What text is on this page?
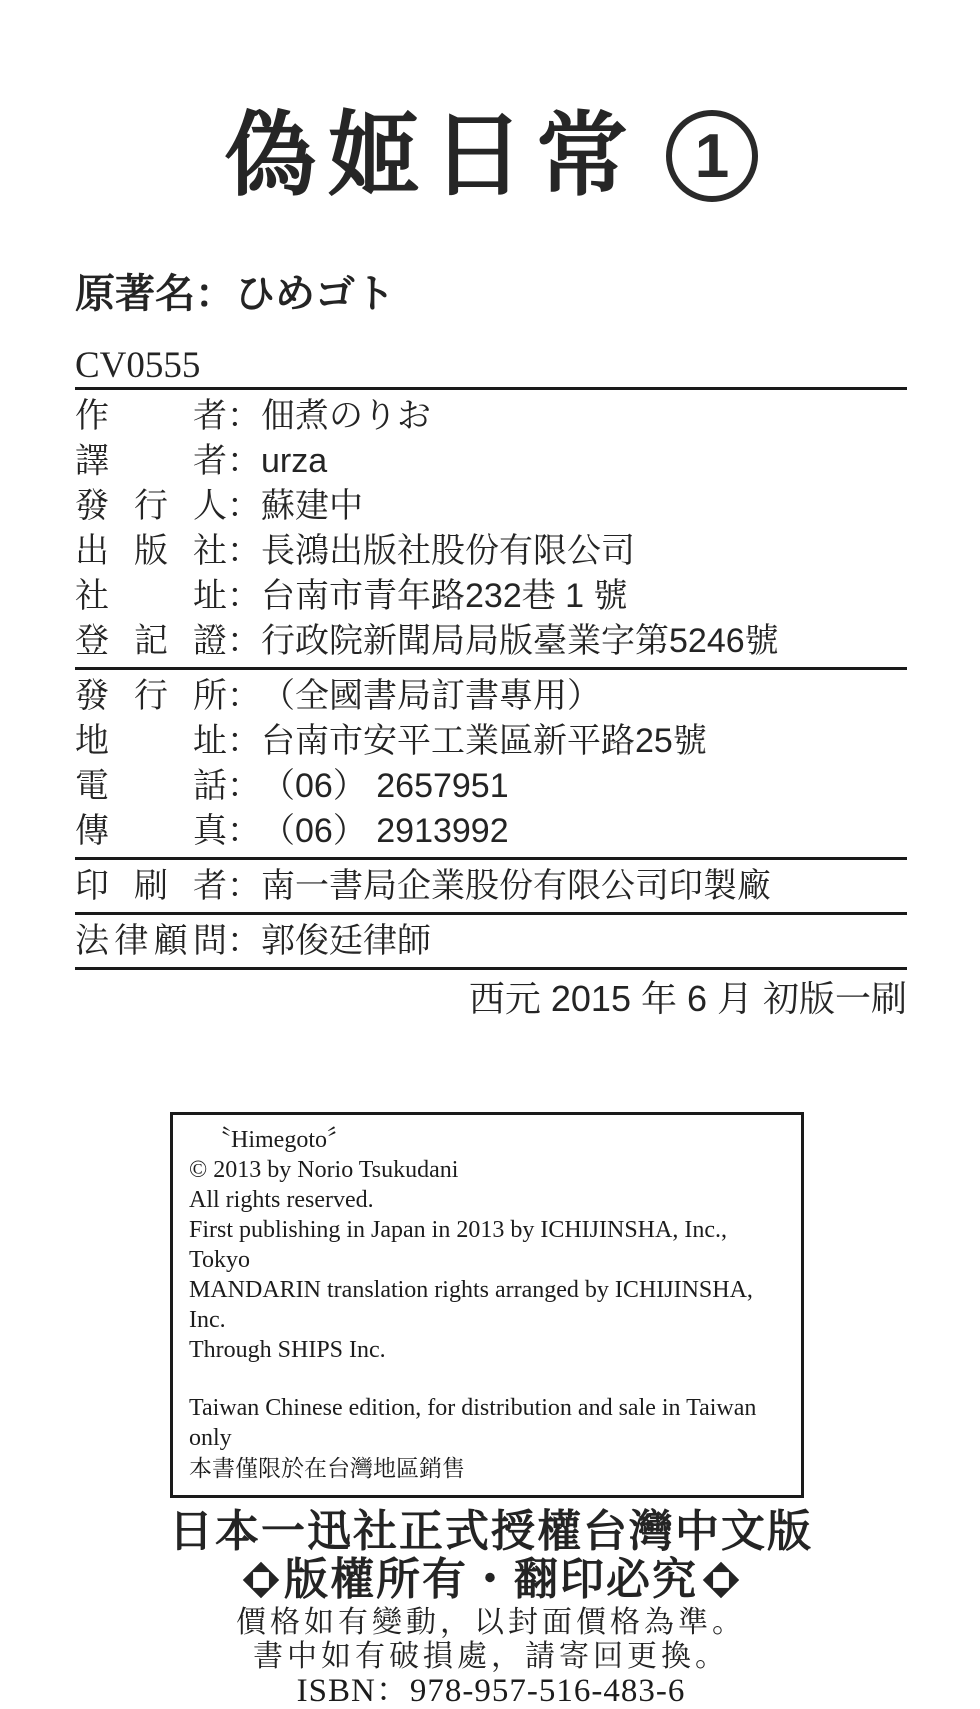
偽姬日常 1
原著名：ひめゴト
CV0555
作者 ： 佃煮のりお
譯者 ： urza
發行人 ： 蘇建中
出版社 ： 長鴻出版社股份有限公司
社址 ： 台南市青年路232巷 1 號
登記證 ： 行政院新聞局局版臺業字第5246號
發行所 ： （全國書局訂書專用）
地址 ： 台南市安平工業區新平路25號
電話 ： （06） 2657951
傳真 ： （06） 2913992
印刷者 ： 南一書局企業股份有限公司印製廠
法律顧問 ： 郭俊廷律師
西元 2015 年 6 月 初版一刷
〝Himegoto〞
© 2013 by Norio Tsukudani
All rights reserved.
First publishing in Japan in 2013 by ICHIJINSHA, Inc., Tokyo
MANDARIN translation rights arranged by ICHIJINSHA, Inc.
Through SHIPS Inc.
Taiwan Chinese edition, for distribution and sale in Taiwan only
本書僅限於在台灣地區銷售
日本一迅社正式授權台灣中文版
版權所有・翻印必究
價格如有變動，以封面價格為準。
書中如有破損處，請寄回更換。
ISBN：978-957-516-483-6
